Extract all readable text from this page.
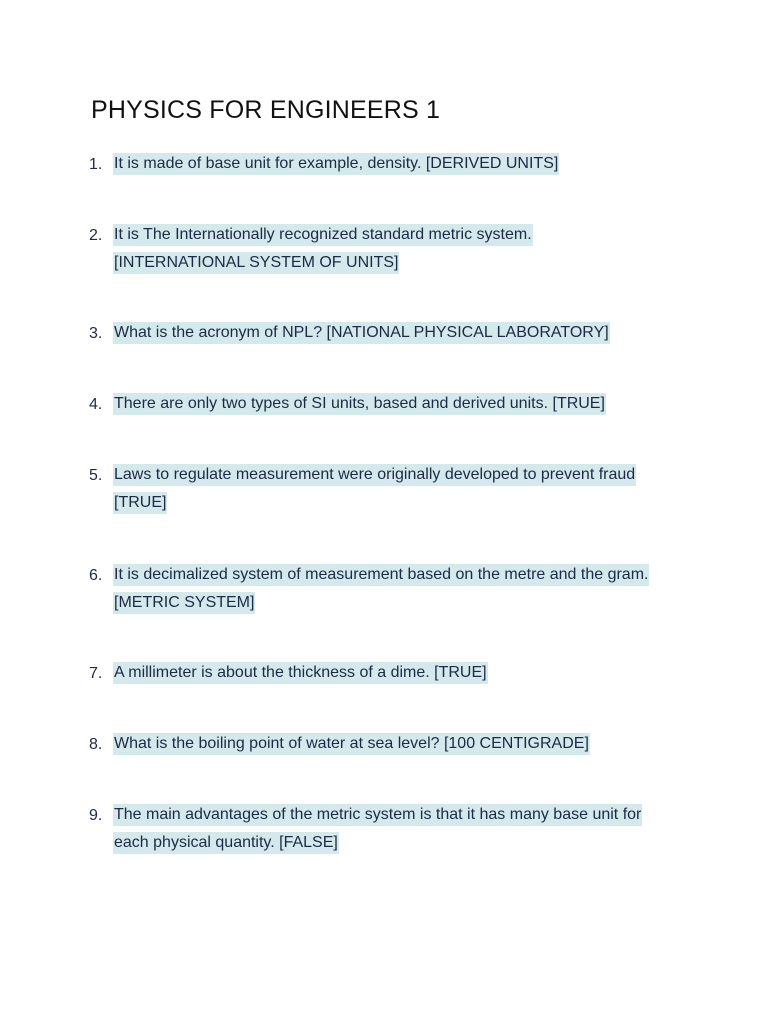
PHYSICS FOR ENGINEERS 1
1. It is made of base unit for example, density. [DERIVED UNITS]
2. It is The Internationally recognized standard metric system. [INTERNATIONAL SYSTEM OF UNITS]
3. What is the acronym of NPL? [NATIONAL PHYSICAL LABORATORY]
4. There are only two types of SI units, based and derived units. [TRUE]
5. Laws to regulate measurement were originally developed to prevent fraud [TRUE]
6. It is decimalized system of measurement based on the metre and the gram. [METRIC SYSTEM]
7. A millimeter is about the thickness of a dime. [TRUE]
8. What is the boiling point of water at sea level? [100 CENTIGRADE]
9. The main advantages of the metric system is that it has many base unit for each physical quantity. [FALSE]
